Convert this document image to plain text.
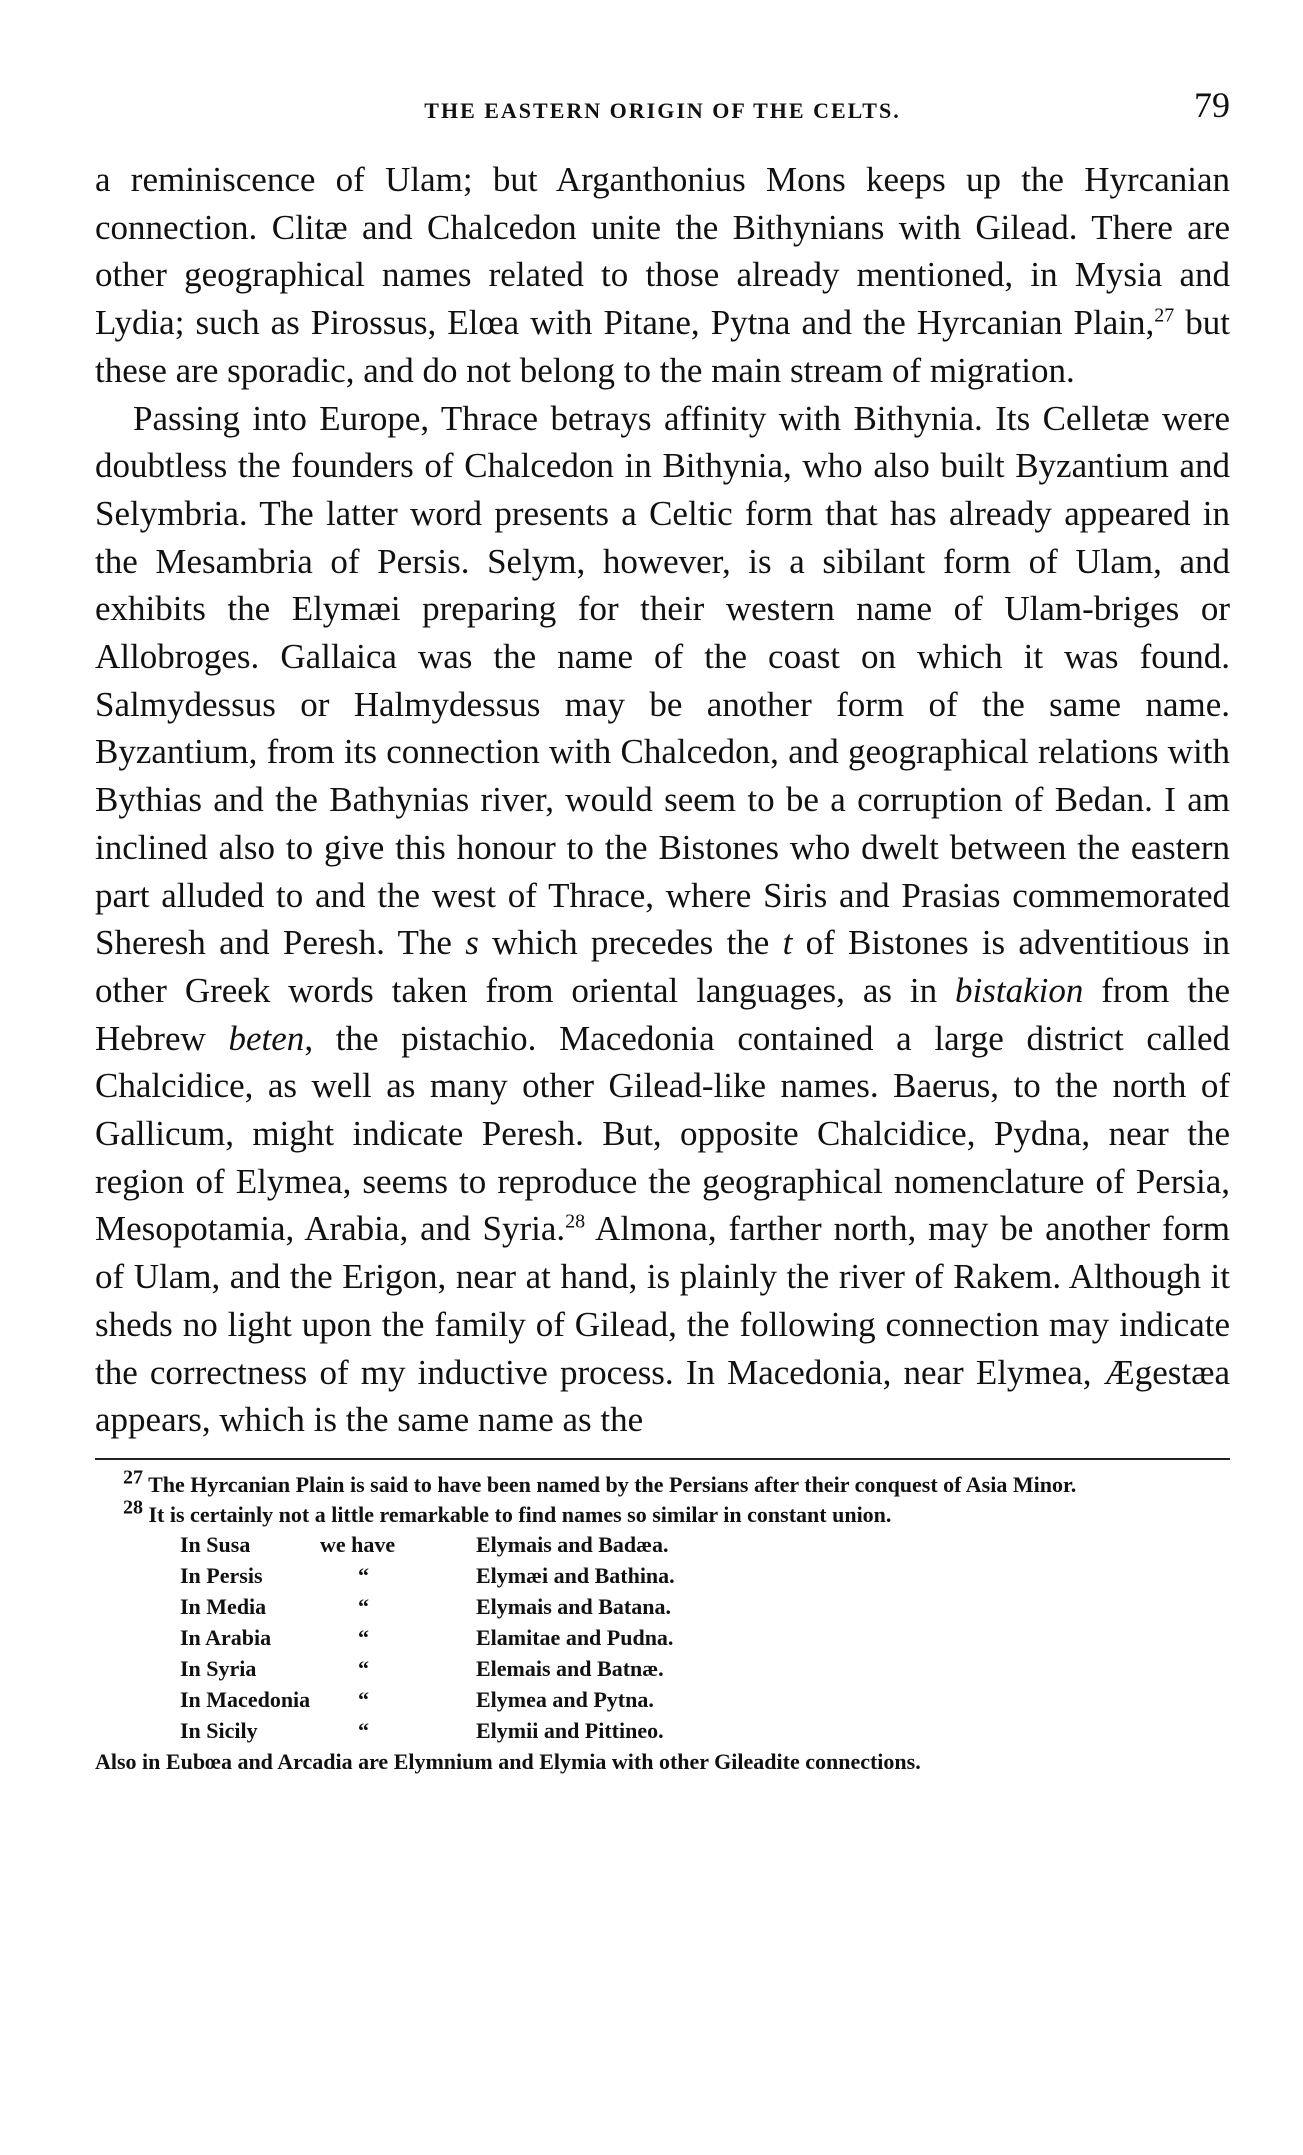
THE EASTERN ORIGIN OF THE CELTS.	79

a reminiscence of Ulam; but Arganthonius Mons keeps up the Hyrcanian connection. Clitæ and Chalcedon unite the Bithynians with Gilead. There are other geographical names related to those already mentioned, in Mysia and Lydia; such as Pirossus, Elœa with Pitane, Pytna and the Hyrcanian Plain,$^{27}$ but these are sporadic, and do not belong to the main stream of migration.

Passing into Europe, Thrace betrays affinity with Bithynia. Its Celletæ were doubtless the founders of Chalcedon in Bithynia, who also built Byzantium and Selymbria. The latter word presents a Celtic form that has already appeared in the Mesambria of Persis. Selym, however, is a sibilant form of Ulam, and exhibits the Elymæi preparing for their western name of Ulam-briges or Allobroges. Gallaica was the name of the coast on which it was found. Salmydessus or Halmydessus may be another form of the same name. Byzantium, from its connection with Chalcedon, and geographical relations with Bythias and the Bathynias river, would seem to be a corruption of Bedan. I am inclined also to give this honour to the Bistones who dwelt between the eastern part alluded to and the west of Thrace, where Siris and Prasias commemorated Sheresh and Peresh. The s which precedes the t of Bistones is adventitious in other Greek words taken from oriental languages, as in bistakion from the Hebrew beten, the pistachio. Macedonia contained a large district called Chalcidice, as well as many other Gilead-like names. Baerus, to the north of Gallicum, might indicate Peresh. But, opposite Chalcidice, Pydna, near the region of Elymea, seems to reproduce the geographical nomenclature of Persia, Mesopotamia, Arabia, and Syria.$^{28}$ Almona, farther north, may be another form of Ulam, and the Erigon, near at hand, is plainly the river of Rakem. Although it sheds no light upon the family of Gilead, the following connection may indicate the correctness of my inductive process. In Macedonia, near Elymea, Ægestæa appears, which is the same name as the

$^{27}$ The Hyrcanian Plain is said to have been named by the Persians after their conquest of Asia Minor.

$^{28}$ It is certainly not a little remarkable to find names so similar in constant union.

In Susa	we have	Elymais and Badæa.
In Persis	“	Elymæi and Bathina.
In Media	“	Elymais and Batana.
In Arabia	“	Elamitae and Pudna.
In Syria	“	Elemais and Batnæ.
In Macedonia	“	Elymea and Pytna.
In Sicily	“	Elymii and Pittineo.

Also in Eubœa and Arcadia are Elymnium and Elymia with other Gileadite connections.
